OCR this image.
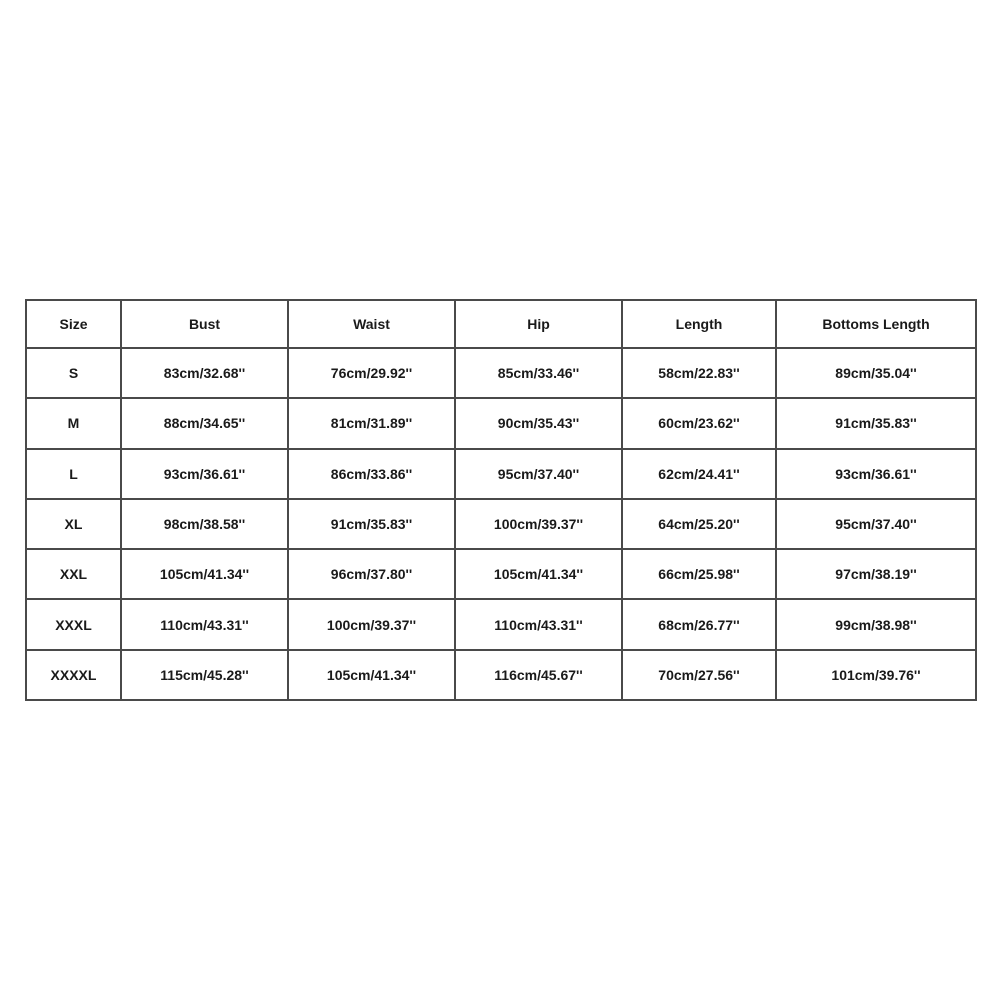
Size	Bust	Waist	Hip	Length	Bottoms Length
S	83cm/32.68''	76cm/29.92''	85cm/33.46''	58cm/22.83''	89cm/35.04''
M	88cm/34.65''	81cm/31.89''	90cm/35.43''	60cm/23.62''	91cm/35.83''
L	93cm/36.61''	86cm/33.86''	95cm/37.40''	62cm/24.41''	93cm/36.61''
XL	98cm/38.58''	91cm/35.83''	100cm/39.37''	64cm/25.20''	95cm/37.40''
XXL	105cm/41.34''	96cm/37.80''	105cm/41.34''	66cm/25.98''	97cm/38.19''
XXXL	110cm/43.31''	100cm/39.37''	110cm/43.31''	68cm/26.77''	99cm/38.98''
XXXXL	115cm/45.28''	105cm/41.34''	116cm/45.67''	70cm/27.56''	101cm/39.76''
